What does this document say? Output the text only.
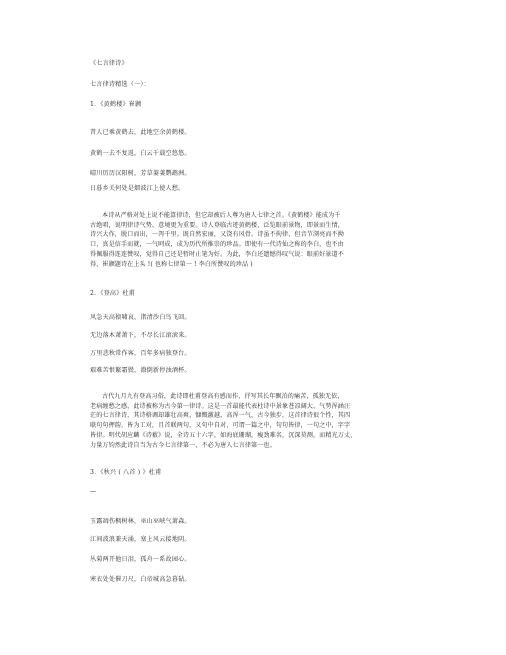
《七言律诗》
七言律诗精选（一）：
1．《黄鹤楼》崔颢
昔人已乘黄鹤去，此地空余黄鹤楼。
黄鹤一去不复返，白云千载空悠悠。
晴川历历汉阳树，芳草萋萋鹦鹉洲。
日暮乡关何处是烟波江上使人愁。
本诗从严格对处上说不能算律诗，但它却被后人尊为唐人七律之首。《黄鹤楼》能成为千
古绝唱，说明律诗气势、意境更为重要。诗人登临古迹黄鹤楼，泛览眼前景物，即景而生情，
诗兴大作，脱口而出，一泻千里。既自然宏丽，又饶有风骨。诗虽不拘律，但音节浏亮而不拗
口，真是信手而就，一气呵成，成为历代所推崇的珍品。即使有一代诗仙之称的李白，也不由
得佩服得连连赞叹，觉得自己还是暂时止笔为好。为此，李白还遗憾得叹气说：眼前好景道不
得，崔颢题诗在上头 !( 也称七律第一 ! 李白所赞叹的珍品 )
2．《登高》杜甫
风急天高猿啸哀，渚清沙白鸟飞回。
无边落木萧萧下，不尽长江滚滚来。
万里悲秋常作客，百年多病独登台。
艰难苦恨繁霜鬓，潦倒新停浊酒杯。
古代九月九有登高习俗，此诗即杜甫登高有感而作，抒写其长年飘泊的痛苦，孤独无依，
老病缠愁之感，此诗被称为古今第一律诗。这是一首最能代表杜诗中景象苍凉阔大、气势浑涵汪
茫的七言律诗，其诗格调却雄壮高爽，慷慨激越，高浑一气，古今独步，这首律诗很个性，其四
联句句押韵，皆为工对，且首联两句，又句中自对，可谓一篇之中，句句皆律，一句之中，字字
皆律。明代胡应麟《诗薮》说，全诗五十六字，如海底珊瑚，瘦劲难名，沉深莫测，而精光万丈，
力量万钧然此诗自当为古今七言律第一，不必为唐人七言律第一也。
3．《秋兴 ( 八首 ) 》杜甫
—
玉露凋伤枫树林，巫山巫峡气萧森。
江间波浪兼天涌，塞上风云接地阴。
丛菊两开他日泪，孤舟一系故园心。
寒衣处处催刀尺，白帝城高急暮砧。
